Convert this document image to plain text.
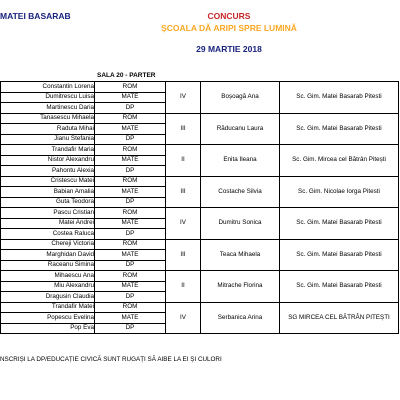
MATEI BASARAB	CONCURS
ȘCOALA DĂ ARIPI SPRE LUMINĂ
29 MARTIE 2018
SALA 20 - PARTER
Constantin Lorena	ROM	IV	Boșoagă Ana	Sc. Gim. Matei Basarab Pitesti
Dumitrescu Luisa	MATE			
Martinescu Daria	DP			
Tanasescu Mihaela	ROM	III	Răducanu Laura	Sc. Gim. Matei Basarab Pitesti
Raduta Mihai	MATE			
Jianu Stefania	DP			
Trandafir Maria	ROM	II	Enita Ileana	Sc. Gim. Mircea cel Bătrân Pitești
Nistor Alexandru	MATE			
Pahontu Alexia	DP			
Cristescu Matei	ROM	III	Costache Silvia	Sc. Gim. Nicolae Iorga Pitesti
Babian Amalia	MATE			
Guta Teodora	DP			
Pascu Cristian	ROM	IV	Dumitru Sonica	Sc. Gim. Matei Basarab Pitesti
Matei Andrei	MATE			
Costea Raluca	DP			
Chereji Victoria	ROM	III	Teaca Mihaela	Sc. Gim. Matei Basarab Pitesti
Marghidan David	MATE			
Raceanu Simina	DP			
Mihaescu Ana	ROM	II	Mitrache Florina	Sc. Gim. Matei Basarab Pitesti
Miu Alexandru	MATE			
Dragusin Claudia	DP			
Trandafir Matei	ROM	IV	Serbanica Arina	SG MIRCEA CEL BĂTRÂN PITEȘTI
Popescu Evelina	MATE			
Pop Eva	DP			
NSCRIȘI LA DP/EDUCAȚIE CIVICĂ SUNT RUGAȚI SĂ AIBE LA EI ȘI CULORI
